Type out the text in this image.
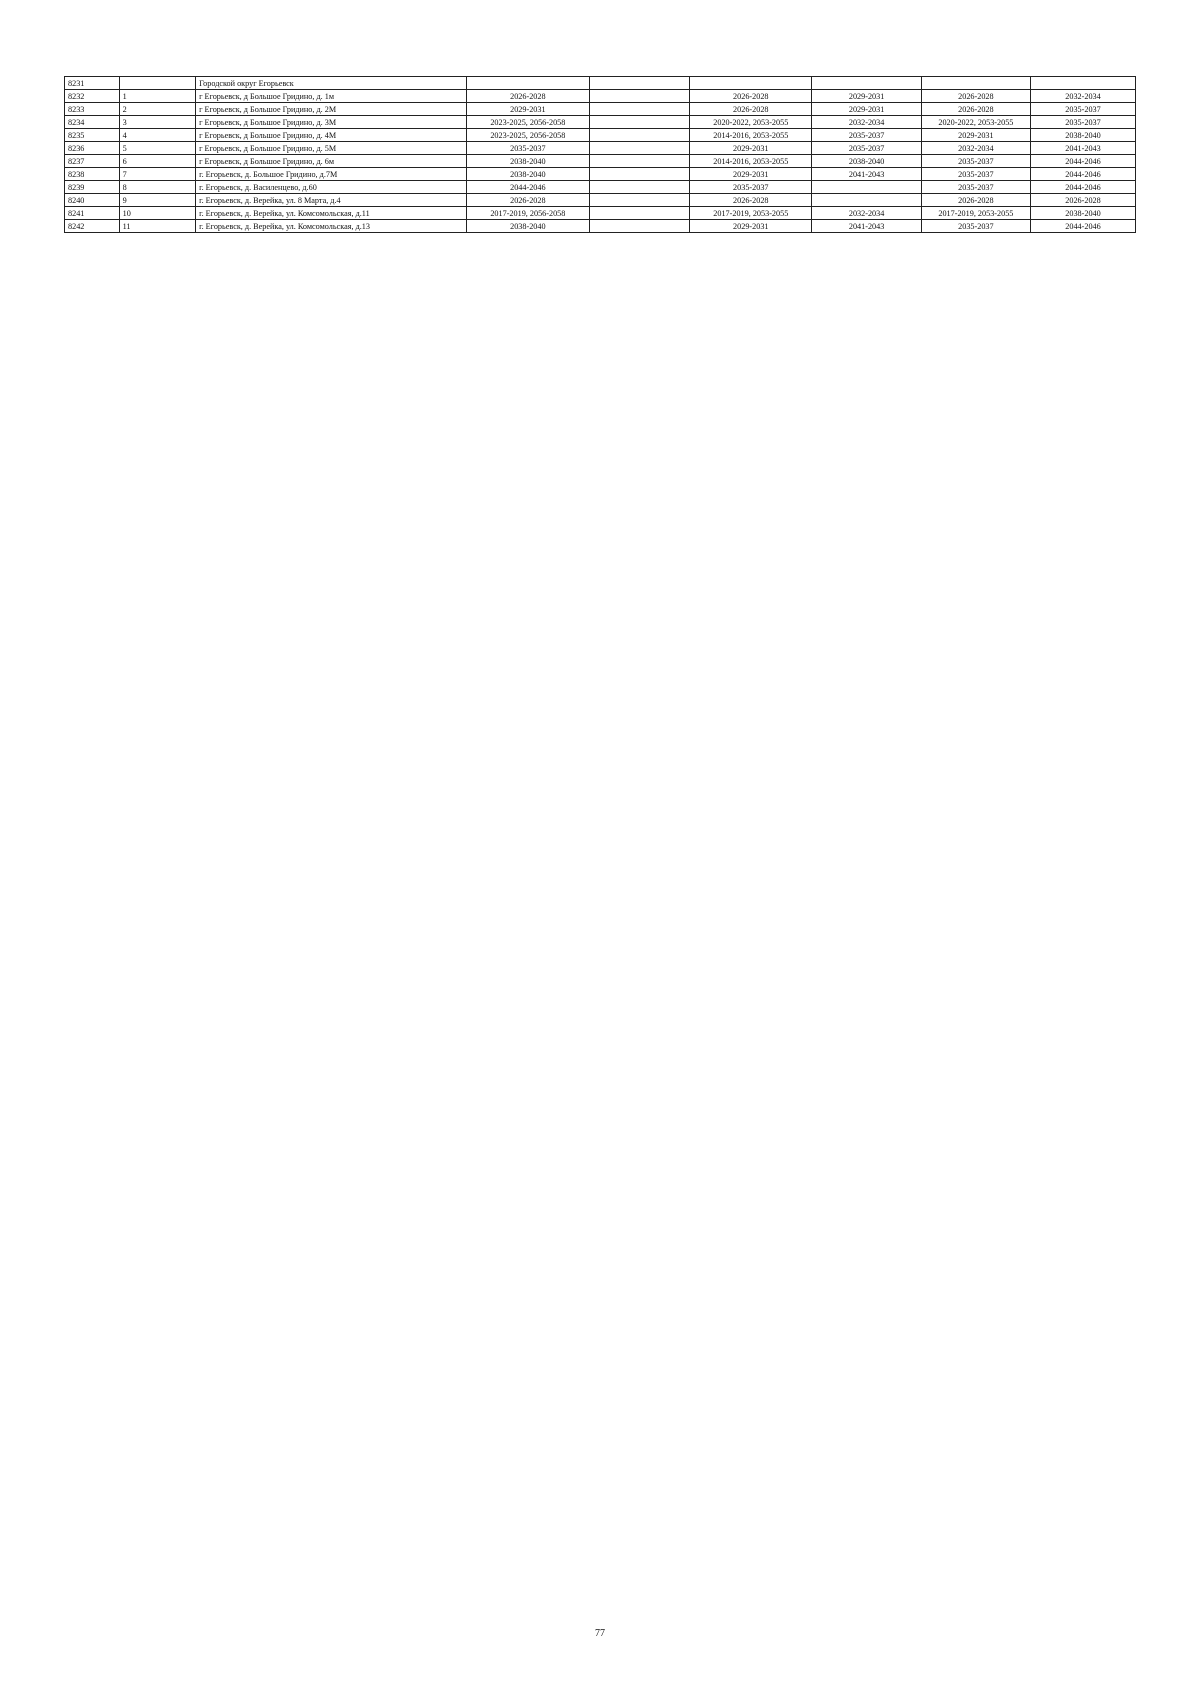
8231		Городской округ Егорьевск						
8232	1	г Егорьевск, д Большое Гридино, д. 1м	2026-2028		2026-2028	2029-2031	2026-2028	2032-2034
8233	2	г Егорьевск, д Большое Гридино, д. 2М	2029-2031		2026-2028	2029-2031	2026-2028	2035-2037
8234	3	г Егорьевск, д Большое Гридино, д. 3М	2023-2025, 2056-2058		2020-2022, 2053-2055	2032-2034	2020-2022, 2053-2055	2035-2037
8235	4	г Егорьевск, д Большое Гридино, д. 4М	2023-2025, 2056-2058		2014-2016, 2053-2055	2035-2037	2029-2031	2038-2040
8236	5	г Егорьевск, д Большое Гридино, д. 5М	2035-2037		2029-2031	2035-2037	2032-2034	2041-2043
8237	6	г Егорьевск, д Большое Гридино, д. 6м	2038-2040		2014-2016, 2053-2055	2038-2040	2035-2037	2044-2046
8238	7	г. Егорьевск, д. Большое Гридино, д.7М	2038-2040		2029-2031	2041-2043	2035-2037	2044-2046
8239	8	г. Егорьевск, д. Василенцево, д.60	2044-2046		2035-2037		2035-2037	2044-2046
8240	9	г. Егорьевск, д. Верейка, ул. 8 Марта, д.4	2026-2028		2026-2028		2026-2028	2026-2028
8241	10	г. Егорьевск, д. Верейка, ул. Комсомольская, д.11	2017-2019, 2056-2058		2017-2019, 2053-2055	2032-2034	2017-2019, 2053-2055	2038-2040
8242	11	г. Егорьевск, д. Верейка, ул. Комсомольская, д.13	2038-2040		2029-2031	2041-2043	2035-2037	2044-2046
77
